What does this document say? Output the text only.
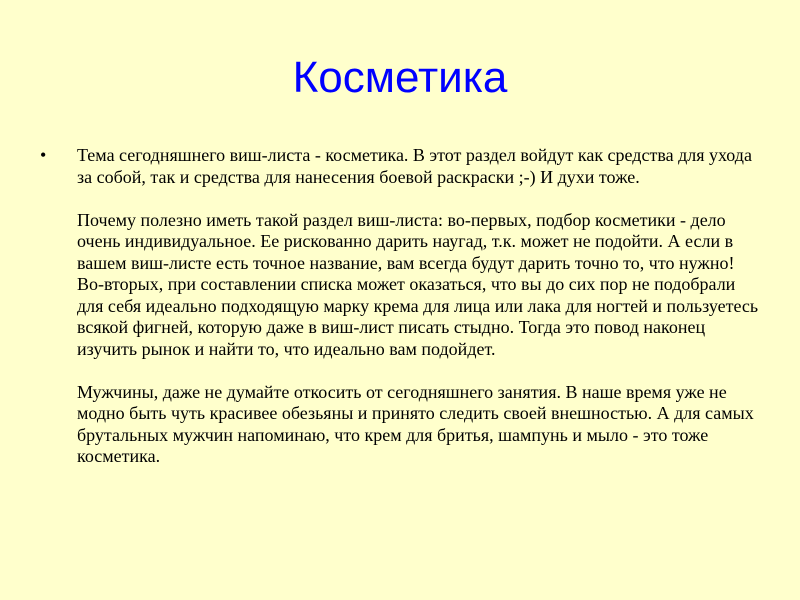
Косметика
• Тема сегодняшнего виш-листа - косметика. В этот раздел войдут как средства для ухода за собой, так и средства для нанесения боевой раскраски ;-) И духи тоже.

Почему полезно иметь такой раздел виш-листа: во-первых, подбор косметики - дело очень индивидуальное. Ее рискованно дарить наугад, т.к. может не подойти. А если в вашем виш-листе есть точное название, вам всегда будут дарить точно то, что нужно! Во-вторых, при составлении списка может оказаться, что вы до сих пор не подобрали для себя идеально подходящую марку крема для лица или лака для ногтей и пользуетесь всякой фигней, которую даже в виш-лист писать стыдно. Тогда это повод наконец изучить рынок и найти то, что идеально вам подойдет.

Мужчины, даже не думайте откосить от сегодняшнего занятия. В наше время уже не модно быть чуть красивее обезьяны и принято следить своей внешностью. А для самых брутальных мужчин напоминаю, что крем для бритья, шампунь и мыло - это тоже косметика.
